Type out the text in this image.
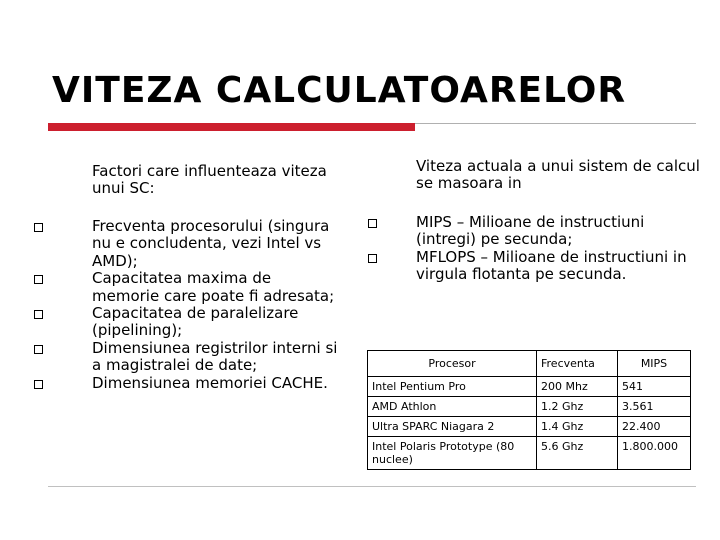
VITEZA CALCULATOARELOR
Factori care influenteaza viteza unui SC:
Frecventa procesorului (singura nu e concludenta, vezi Intel vs AMD);
Capacitatea maxima de memorie care poate fi adresata;
Capacitatea de paralelizare (pipelining);
Dimensiunea registrilor interni si a magistralei de date;
Dimensiunea memoriei CACHE.
Viteza actuala a unui sistem de calcul se masoara in
MIPS – Milioane de instructiuni (intregi) pe secunda;
MFLOPS – Milioane de instructiuni in virgula flotanta pe secunda.
Procesor	Frecventa	MIPS
Intel Pentium Pro	200 Mhz	541
AMD Athlon	1.2 Ghz	3.561
Ultra SPARC Niagara 2	1.4 Ghz	22.400
Intel Polaris Prototype (80 nuclee)	5.6 Ghz	1.800.000
